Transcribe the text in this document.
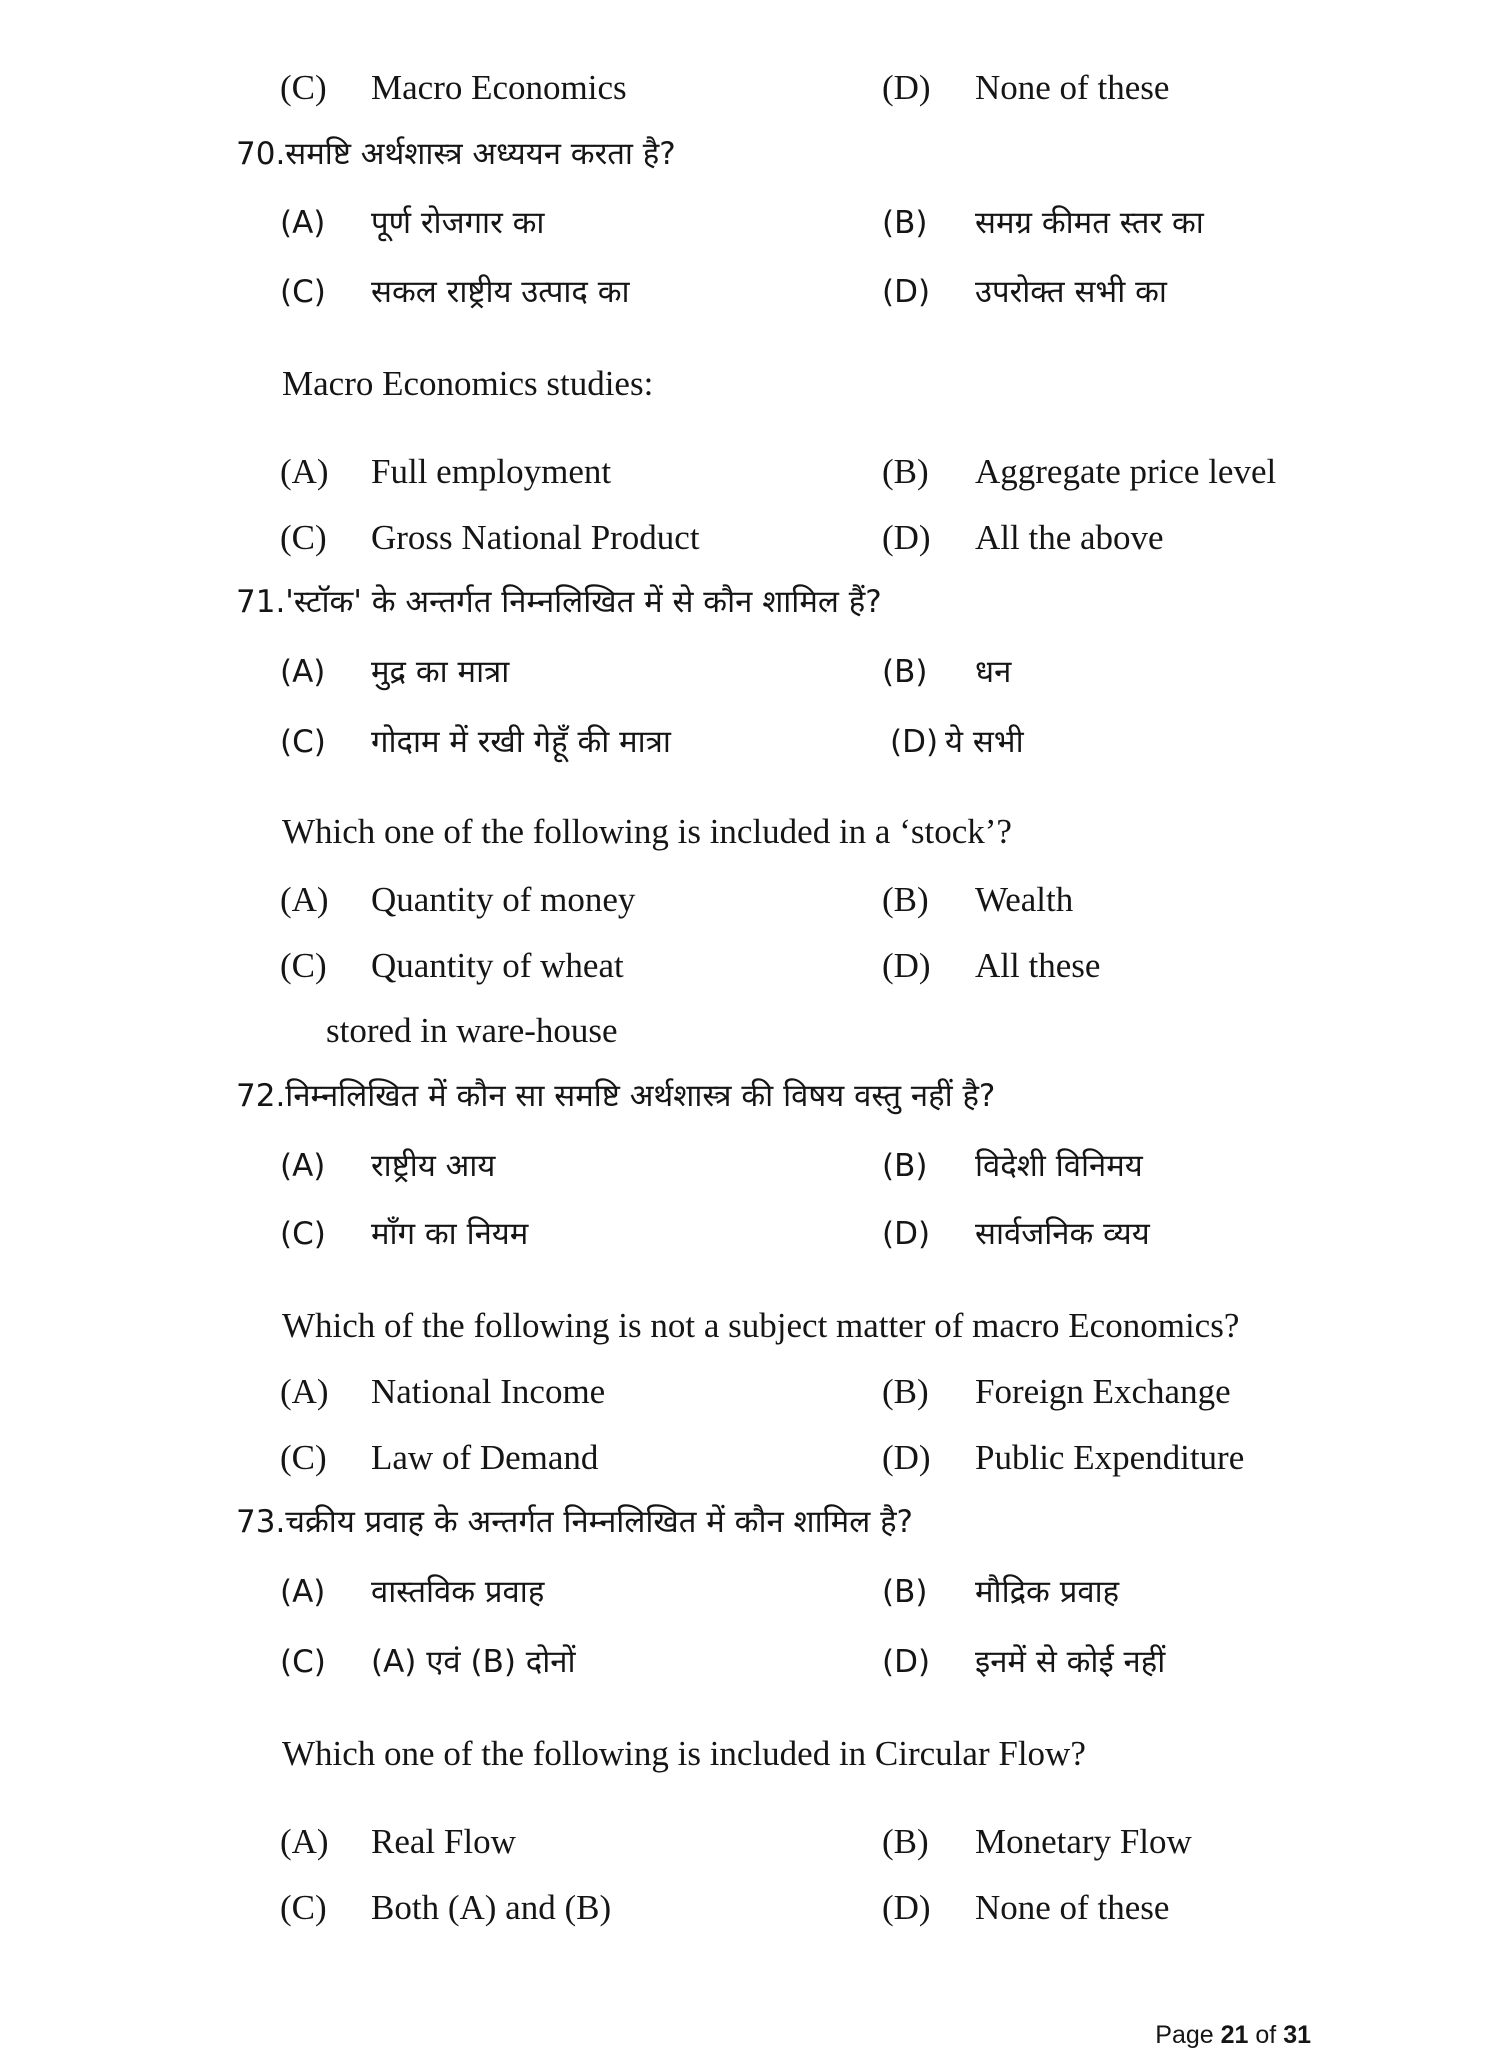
(C) Macro Economics	(D) None of these
70.समष्टि अर्थशास्त्र अध्ययन करता है?
(A) पूर्ण रोजगार का	(B) समग्र कीमत स्तर का
(C) सकल राष्ट्रीय उत्पाद का	(D) उपरोक्त सभी का
Macro Economics studies:
(A) Full employment	(B) Aggregate price level
(C) Gross National Product	(D) All the above
71.'स्टॉक' के अन्तर्गत निम्नलिखित में से कौन शामिल हैं?
(A) मुद्र का मात्रा	(B) धन
(C) गोदाम में रखी गेहूँ की मात्रा	(D) ये सभी
Which one of the following is included in a ‘stock’?
(A) Quantity of money	(B) Wealth
(C) Quantity of wheat	(D) All these
stored in ware-house
72.निम्नलिखित में कौन सा समष्टि अर्थशास्त्र की विषय वस्तु नहीं है?
(A) राष्ट्रीय आय	(B) विदेशी विनिमय
(C) माँग का नियम	(D) सार्वजनिक व्यय
Which of the following is not a subject matter of macro Economics?
(A) National Income	(B) Foreign Exchange
(C) Law of Demand	(D) Public Expenditure
73.चक्रीय प्रवाह के अन्तर्गत निम्नलिखित में कौन शामिल है?
(A) वास्तविक प्रवाह	(B) मौद्रिक प्रवाह
(C) (A) एवं (B) दोनों	(D) इनमें से कोई नहीं
Which one of the following is included in Circular Flow?
(A) Real Flow	(B) Monetary Flow
(C) Both (A) and (B)	(D) None of these
Page 21 of 31
